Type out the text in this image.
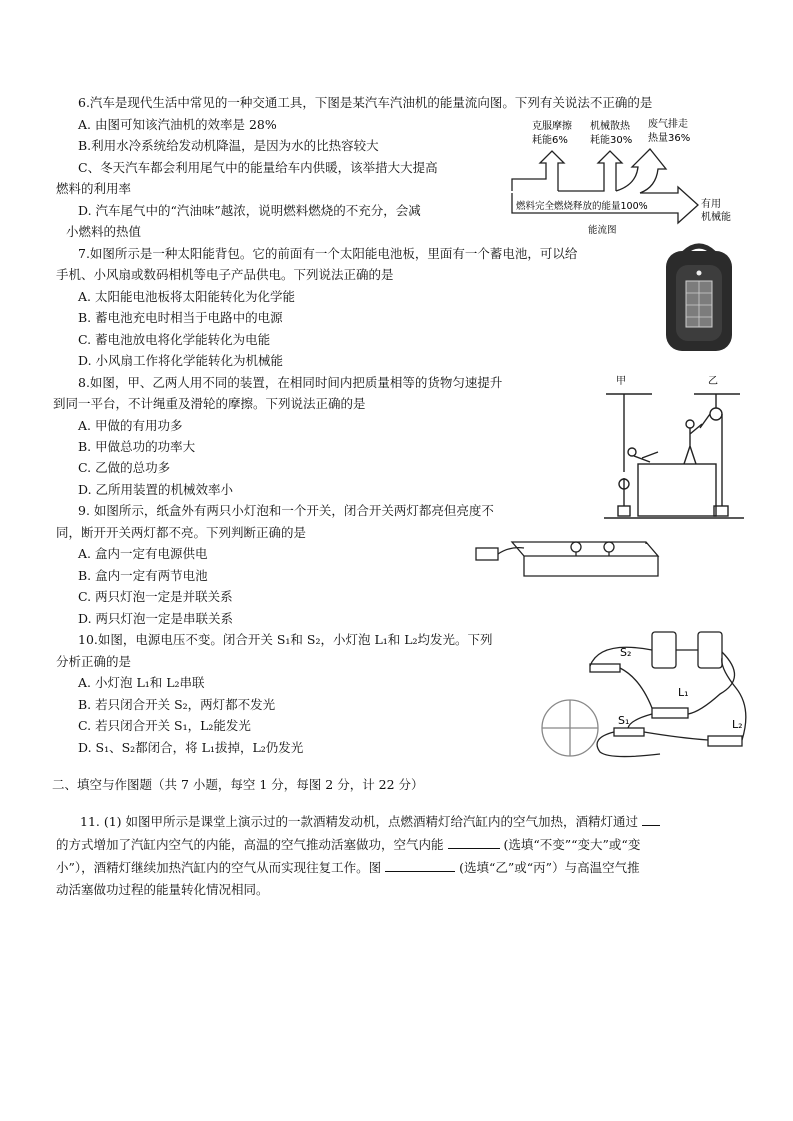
6.汽车是现代生活中常见的一种交通工具，下图是某汽车汽油机的能量流向图。下列有关说法不正确的是
A. 由图可知该汽油机的效率是 28%
B.利用水冷系统给发动机降温，是因为水的比热容较大
C、冬天汽车都会利用尾气中的能量给车内供暖，该举措大大提高
燃料的利用率
D. 汽车尾气中的“汽油味”越浓，说明燃料燃烧的不充分，会减
小燃料的热值
克服摩擦
耗能6%
机械散热
耗能30%
废气排走
热量36%
燃料完全燃烧释放的能量100%	有用
机械能
能流图
7.如图所示是一种太阳能背包。它的前面有一个太阳能电池板，里面有一个蓄电池，可以给
手机、小风扇或数码相机等电子产品供电。下列说法正确的是
A. 太阳能电池板将太阳能转化为化学能
B. 蓄电池充电时相当于电路中的电源
C. 蓄电池放电将化学能转化为电能
D. 小风扇工作将化学能转化为机械能
8.如图，甲、乙两人用不同的装置，在相同时间内把质量相等的货物匀速提升
到同一平台，不计绳重及滑轮的摩擦。下列说法正确的是
A. 甲做的有用功多
B. 甲做总功的功率大
C. 乙做的总功多
D. 乙所用装置的机械效率小
甲	乙
9. 如图所示，纸盒外有两只小灯泡和一个开关，闭合开关两灯都亮但亮度不
同，断开开关两灯都不亮。下列判断正确的是
A. 盒内一定有电源供电
B. 盒内一定有两节电池
C. 两只灯泡一定是并联关系
D. 两只灯泡一定是串联关系
10.如图，电源电压不变。闭合开关 S₁和 S₂，小灯泡 L₁和 L₂均发光。下列
分析正确的是
A. 小灯泡 L₁和 L₂串联
B. 若只闭合开关 S₂，两灯都不发光
C. 若只闭合开关 S₁，L₂能发光
D. S₁、S₂都闭合，将 L₁拔掉，L₂仍发光
S₂
S₁
L₁
L₂
二、填空与作图题（共 7 小题，每空 1 分，每图 2 分，计 22 分）
11. (1) 如图甲所示是课堂上演示过的一款酒精发动机，点燃酒精灯给汽缸内的空气加热，酒精灯通过
的方式增加了汽缸内空气的内能，高温的空气推动活塞做功，空气内能	(选填“不变”“变大”或“变
小”），酒精灯继续加热汽缸内的空气从而实现往复工作。图	(选填“乙”或“丙”）与高温空气推
动活塞做功过程的能量转化情况相同。
